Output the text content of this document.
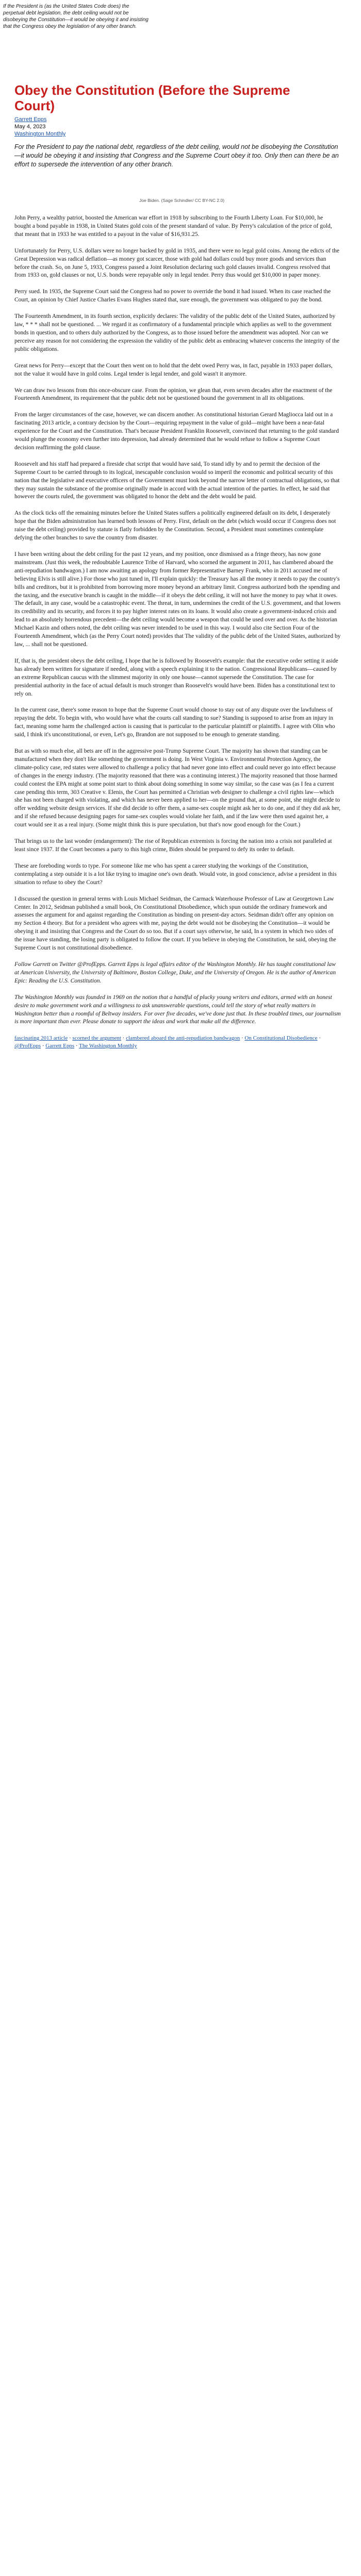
If the President is (as the United States Code does) the perpetual debt legislation, the debt ceiling would not be disobeying the Constitution—it would be obeying it and insisting that the Congress obey the legislation of any other branch.
Obey the Constitution (Before the Supreme Court)
Garrett Epps
May 4, 2023
Washington Monthly

For the President to pay the national debt, regardless of the debt ceiling, would not be disobeying the Constitution —it would be obeying it and insisting that Congress and the Supreme Court obey it too. Only then can there be an effort to supersede the intervention of any other branch.

Joe Biden. (Sage Schindler/ CC BY-NC 2.0)

John Perry, a wealthy patriot, boosted the American war effort in 1918 by subscribing to the Fourth Liberty Loan. For $10,000, he bought a bond payable in 1938, in United States gold coin of the present standard of value. By Perry's calculation of the price of gold, that meant that in 1933 he was entitled to a payout in the value of $16,931.25.

Unfortunately for Perry, U.S. dollars were no longer backed by gold in 1935, and there were no legal gold coins. Among the edicts of the Great Depression was radical deflation—as money got scarcer, those with gold had dollars could buy more goods and services than before the crash. So, on June 5, 1933, Congress passed a Joint Resolution declaring such gold clauses invalid. Congress resolved that from 1933 on, gold clauses or not, U.S. bonds were repayable only in legal tender. Perry thus would get $10,000 in paper money.

Perry sued. In 1935, the Supreme Court said the Congress had no power to override the bond it had issued. When its case reached the Court, an opinion by Chief Justice Charles Evans Hughes stated that, sure enough, the government was obligated to pay the bond.

The Fourteenth Amendment, in its fourth section, explicitly declares: The validity of the public debt of the United States, authorized by law, * * * shall not be questioned. ... We regard it as confirmatory of a fundamental principle which applies as well to the government bonds in question, and to others duly authorized by the Congress, as to those issued before the amendment was adopted. Nor can we perceive any reason for not considering the expression the validity of the public debt as embracing whatever concerns the integrity of the public obligations.

Great news for Perry—except that the Court then went on to hold that the debt owed Perry was, in fact, payable in 1933 paper dollars, not the value it would have in gold coins. Legal tender is legal tender, and gold wasn't it anymore.

We can draw two lessons from this once-obscure case. From the opinion, we glean that, even seven decades after the enactment of the Fourteenth Amendment, its requirement that the public debt not be questioned bound the government in all its obligations.

From the larger circumstances of the case, however, we can discern another. As constitutional historian Gerard Magliocca laid out in a fascinating 2013 article, a contrary decision by the Court—requiring repayment in the value of gold—might have been a near-fatal experience for the Court and the Constitution. That's because President Franklin Roosevelt, convinced that returning to the gold standard would plunge the economy even further into depression, had already determined that he would refuse to follow a Supreme Court decision reaffirming the gold clause.

Roosevelt and his staff had prepared a fireside chat script that would have said, To stand idly by and to permit the decision of the Supreme Court to be carried through to its logical, inescapable conclusion would so imperil the economic and political security of this nation that the legislative and executive officers of the Government must look beyond the narrow letter of contractual obligations, so that they may sustain the substance of the promise originally made in accord with the actual intention of the parties. In effect, he said that however the courts ruled, the government was obligated to honor the debt and the debt would be paid.

As the clock ticks off the remaining minutes before the United States suffers a politically engineered default on its debt, I desperately hope that the Biden administration has learned both lessons of Perry. First, default on the debt (which would occur if Congress does not raise the debt ceiling) provided by statute is flatly forbidden by the Constitution. Second, a President must sometimes contemplate defying the other branches to save the country from disaster.

I have been writing about the debt ceiling for the past 12 years, and my position, once dismissed as a fringe theory, has now gone mainstream. (Just this week, the redoubtable Laurence Tribe of Harvard, who scorned the argument in 2011, has clambered aboard the anti-repudiation bandwagon.) I am now awaiting an apology from former Representative Barney Frank, who in 2011 accused me of believing Elvis is still alive.) For those who just tuned in, I'll explain quickly: the Treasury has all the money it needs to pay the country's bills and creditors, but it is prohibited from borrowing more money beyond an arbitrary limit. Congress authorized both the spending and the taxing, and the executive branch is caught in the middle—if it obeys the debt ceiling, it will not have the money to pay what it owes. The default, in any case, would be a catastrophic event. The threat, in turn, undermines the credit of the U.S. government, and that lowers its credibility and its security, and forces it to pay higher interest rates on its loans. It would also create a government-induced crisis and lead to an absolutely horrendous precedent—the debt ceiling would become a weapon that could be used over and over. As the historian Michael Kazin and others noted, the debt ceiling was never intended to be used in this way. I would also cite Section Four of the Fourteenth Amendment, which (as the Perry Court noted) provides that The validity of the public debt of the United States, authorized by law, ... shall not be questioned.

If, that is, the president obeys the debt ceiling, I hope that he is followed by Roosevelt's example: that the executive order setting it aside has already been written for signature if needed, along with a speech explaining it to the nation. Congressional Republicans—caused by an extreme Republican caucus with the slimmest majority in only one house—cannot supersede the Constitution. The case for presidential authority in the face of actual default is much stronger than Roosevelt's would have been. Biden has a constitutional text to rely on.

In the current case, there's some reason to hope that the Supreme Court would choose to stay out of any dispute over the lawfulness of repaying the debt. To begin with, who would have what the courts call standing to sue? Standing is supposed to arise from an injury in fact, meaning some harm the challenged action is causing that is particular to the particular plaintiff or plaintiffs. I agree with Olin who said, I think it's unconstitutional, or even, Let's go, Brandon are not supposed to be enough to generate standing.

But as with so much else, all bets are off in the aggressive post-Trump Supreme Court. The majority has shown that standing can be manufactured when they don't like something the government is doing. In West Virginia v. Environmental Protection Agency, the climate-policy case, red states were allowed to challenge a policy that had never gone into effect and could never go into effect because of changes in the energy industry. (The majority reasoned that there was a continuing interest.) The majority reasoned that those harmed could contest the EPA might at some point start to think about doing something in some way similar, so the case was (as I fea a current case pending this term, 303 Creative v. Elenis, the Court has permitted a Christian web designer to challenge a civil rights law—which she has not been charged with violating, and which has never been applied to her—on the ground that, at some point, she might decide to offer wedding website design services. If she did decide to offer them, a same-sex couple might ask her to do one, and if they did ask her, and if she refused because designing pages for same-sex couples would violate her faith, and if the law were then used against her, a court would see it as a real injury. (Some might think this is pure speculation, but that's now good enough for the Court.)

That brings us to the last wonder (endangerment): The rise of Republican extremists is forcing the nation into a crisis not paralleled at least since 1937. If the Court becomes a party to this high crime, Biden should be prepared to defy its order to default.

These are foreboding words to type. For someone like me who has spent a career studying the workings of the Constitution, contemplating a step outside it is a lot like trying to imagine one's own death. Would vote, in good conscience, advise a president in this situation to refuse to obey the Court?

I discussed the question in general terms with Louis Michael Seidman, the Carmack Waterhouse Professor of Law at Georgetown Law Center. In 2012, Seidman published a small book, On Constitutional Disobedience, which spun outside the ordinary framework and assesses the argument for and against regarding the Constitution as binding on present-day actors. Seidman didn't offer any opinion on my Section 4 theory. But for a president who agrees with me, paying the debt would not be disobeying the Constitution—it would be obeying it and insisting that Congress and the Court do so too. But if a court says otherwise, he said, In a system in which two sides of the issue have standing, the losing party is obligated to follow the court. If you believe in obeying the Constitution, he said, obeying the Supreme Court is not constitutional disobedience.

Follow Garrett on Twitter @ProfEpps. Garrett Epps is legal affairs editor of the Washington Monthly. He has taught constitutional law at American University, the University of Baltimore, Boston College, Duke, and the University of Oregon. He is the author of American Epic: Reading the U.S. Constitution.

The Washington Monthly was founded in 1969 on the notion that a handful of plucky young writers and editors, armed with an honest desire to make government work and a willingness to ask unanswerable questions, could tell the story of what really matters in Washington better than a roomful of Beltway insiders. For over five decades, we've done just that. In these troubled times, our journalism is more important than ever. Please donate to support the ideas and work that make all the difference.

fascinating 2013 article · scorned the argument · clambered aboard the anti-repudiation bandwagon · On Constitutional Disobedience · @ProfEpps · Garrett Epps · The Washington Monthly
